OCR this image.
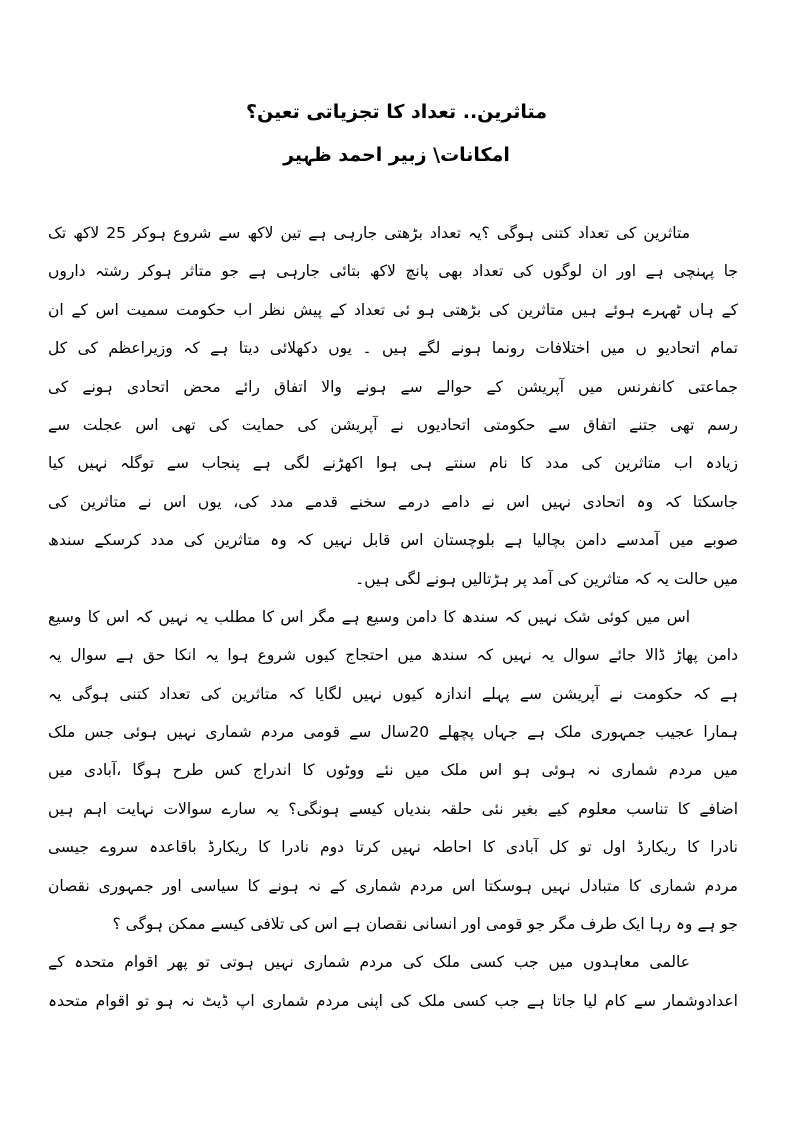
متاثرین.. تعداد کا تجزیاتی تعین؟
امکانات\ زبیر احمد ظہیر
متاثرین کی تعداد کتنی ہوگی ؟یہ تعداد بڑھتی جارہی ہے تین لاکھ سے شروع ہوکر 25 لاکھ تک
جا پہنچی ہے اور ان لوگوں کی تعداد بھی پانچ لاکھ بتائی جارہی ہے جو متاثر ہوکر رشتہ داروں
کے ہاں ٹھہرے ہوئے ہیں متاثرین کی بڑھتی ہو ئی تعداد کے پیش نظر اب حکومت سمیت اس کے ان
تمام اتحادیو ں میں اختلافات رونما ہونے لگے ہیں ۔ یوں دکھلائی دیتا ہے کہ وزیراعظم کی کل
جماعتی کانفرنس میں آپریشن کے حوالے سے ہونے والا اتفاق رائے محض اتحادی ہونے کی
رسم تھی جتنے اتفاق سے حکومتی اتحادیوں نے آپریشن کی حمایت کی تھی اس عجلت سے
زیادہ اب متاثرین کی مدد کا نام سنتے ہی ہوا اکھڑنے لگی ہے پنجاب سے توگلہ نہیں کیا
جاسکتا کہ وہ اتحادی نہیں اس نے دامے درمے سخنے قدمے مدد کی، یوں اس نے متاثرین کی
صوبے میں آمدسے دامن بچالیا ہے بلوچستان اس قابل نہیں کہ وہ متاثرین کی مدد کرسکے سندھ
میں حالت یہ کہ متاثرین کی آمد پر ہڑتالیں ہونے لگی ہیں۔
اس میں کوئی شک نہیں کہ سندھ کا دامن وسیع ہے مگر اس کا مطلب یہ نہیں کہ اس کا وسیع
دامن پھاڑ ڈالا جائے سوال یہ نہیں کہ سندھ میں احتجاج کیوں شروع ہوا یہ انکا حق ہے سوال یہ
ہے کہ حکومت نے آپریشن سے پہلے اندازہ کیوں نہیں لگایا کہ متاثرین کی تعداد کتنی ہوگی یہ
ہمارا عجیب جمہوری ملک ہے جہاں پچھلے 20سال سے قومی مردم شماری نہیں ہوئی جس ملک
میں مردم شماری نہ ہوئی ہو اس ملک میں نئے ووٹوں کا اندراج کس طرح ہوگا ،آبادی میں
اضافے کا تناسب معلوم کیے بغیر نئی حلقہ بندیاں کیسے ہونگی؟ یہ سارے سوالات نہایت اہم ہیں
نادرا کا ریکارڈ اول تو کل آبادی کا احاطہ نہیں کرتا دوم نادرا کا ریکارڈ باقاعدہ سروے جیسی
مردم شماری کا متبادل نہیں ہوسکتا اس مردم شماری کے نہ ہونے کا سیاسی اور جمہوری نقصان
جو ہے وہ رہا ایک طرف مگر جو قومی اور انسانی نقصان ہے اس کی تلافی کیسے ممکن ہوگی ؟
عالمی معاہدوں میں جب کسی ملک کی مردم شماری نہیں ہوتی تو پھر اقوام متحدہ کے
اعدادوشمار سے کام لیا جاتا ہے جب کسی ملک کی اپنی مردم شماری اپ ڈیٹ نہ ہو تو اقوام متحدہ
